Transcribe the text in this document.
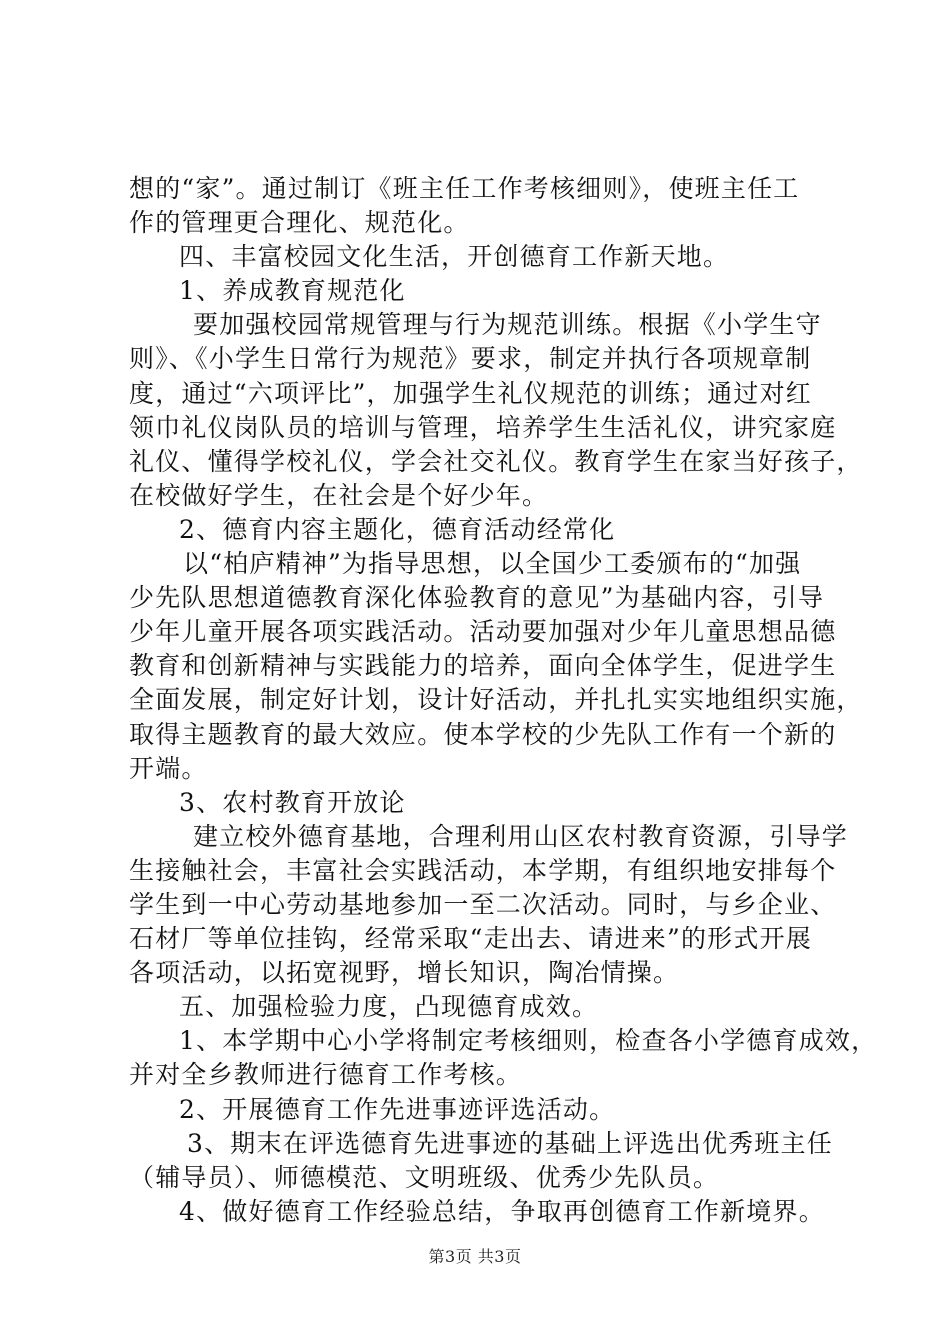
想的“家”。通过制订《班主任工作考核细则》，使班主任工
作的管理更合理化、规范化。
四、丰富校园文化生活，开创德育工作新天地。
1、养成教育规范化
要加强校园常规管理与行为规范训练。根据《小学生守
则》、《小学生日常行为规范》要求，制定并执行各项规章制
度，通过“六项评比”，加强学生礼仪规范的训练；通过对红
领巾礼仪岗队员的培训与管理，培养学生生活礼仪，讲究家庭
礼仪、懂得学校礼仪，学会社交礼仪。教育学生在家当好孩子，
在校做好学生，在社会是个好少年。
2、德育内容主题化，德育活动经常化
以“柏庐精神”为指导思想，以全国少工委颁布的“加强
少先队思想道德教育深化体验教育的意见”为基础内容，引导
少年儿童开展各项实践活动。活动要加强对少年儿童思想品德
教育和创新精神与实践能力的培养，面向全体学生，促进学生
全面发展，制定好计划，设计好活动，并扎扎实实地组织实施，
取得主题教育的最大效应。使本学校的少先队工作有一个新的
开端。
3、农村教育开放论
建立校外德育基地，合理利用山区农村教育资源，引导学
生接触社会，丰富社会实践活动，本学期，有组织地安排每个
学生到一中心劳动基地参加一至二次活动。同时，与乡企业、
石材厂等单位挂钩，经常采取“走出去、请进来”的形式开展
各项活动，以拓宽视野，增长知识，陶冶情操。
五、加强检验力度，凸现德育成效。
1、本学期中心小学将制定考核细则，检查各小学德育成效，
并对全乡教师进行德育工作考核。
2、开展德育工作先进事迹评选活动。
3、期末在评选德育先进事迹的基础上评选出优秀班主任
（辅导员）、师德模范、文明班级、优秀少先队员。
4、做好德育工作经验总结，争取再创德育工作新境界。
第3页 共3页
